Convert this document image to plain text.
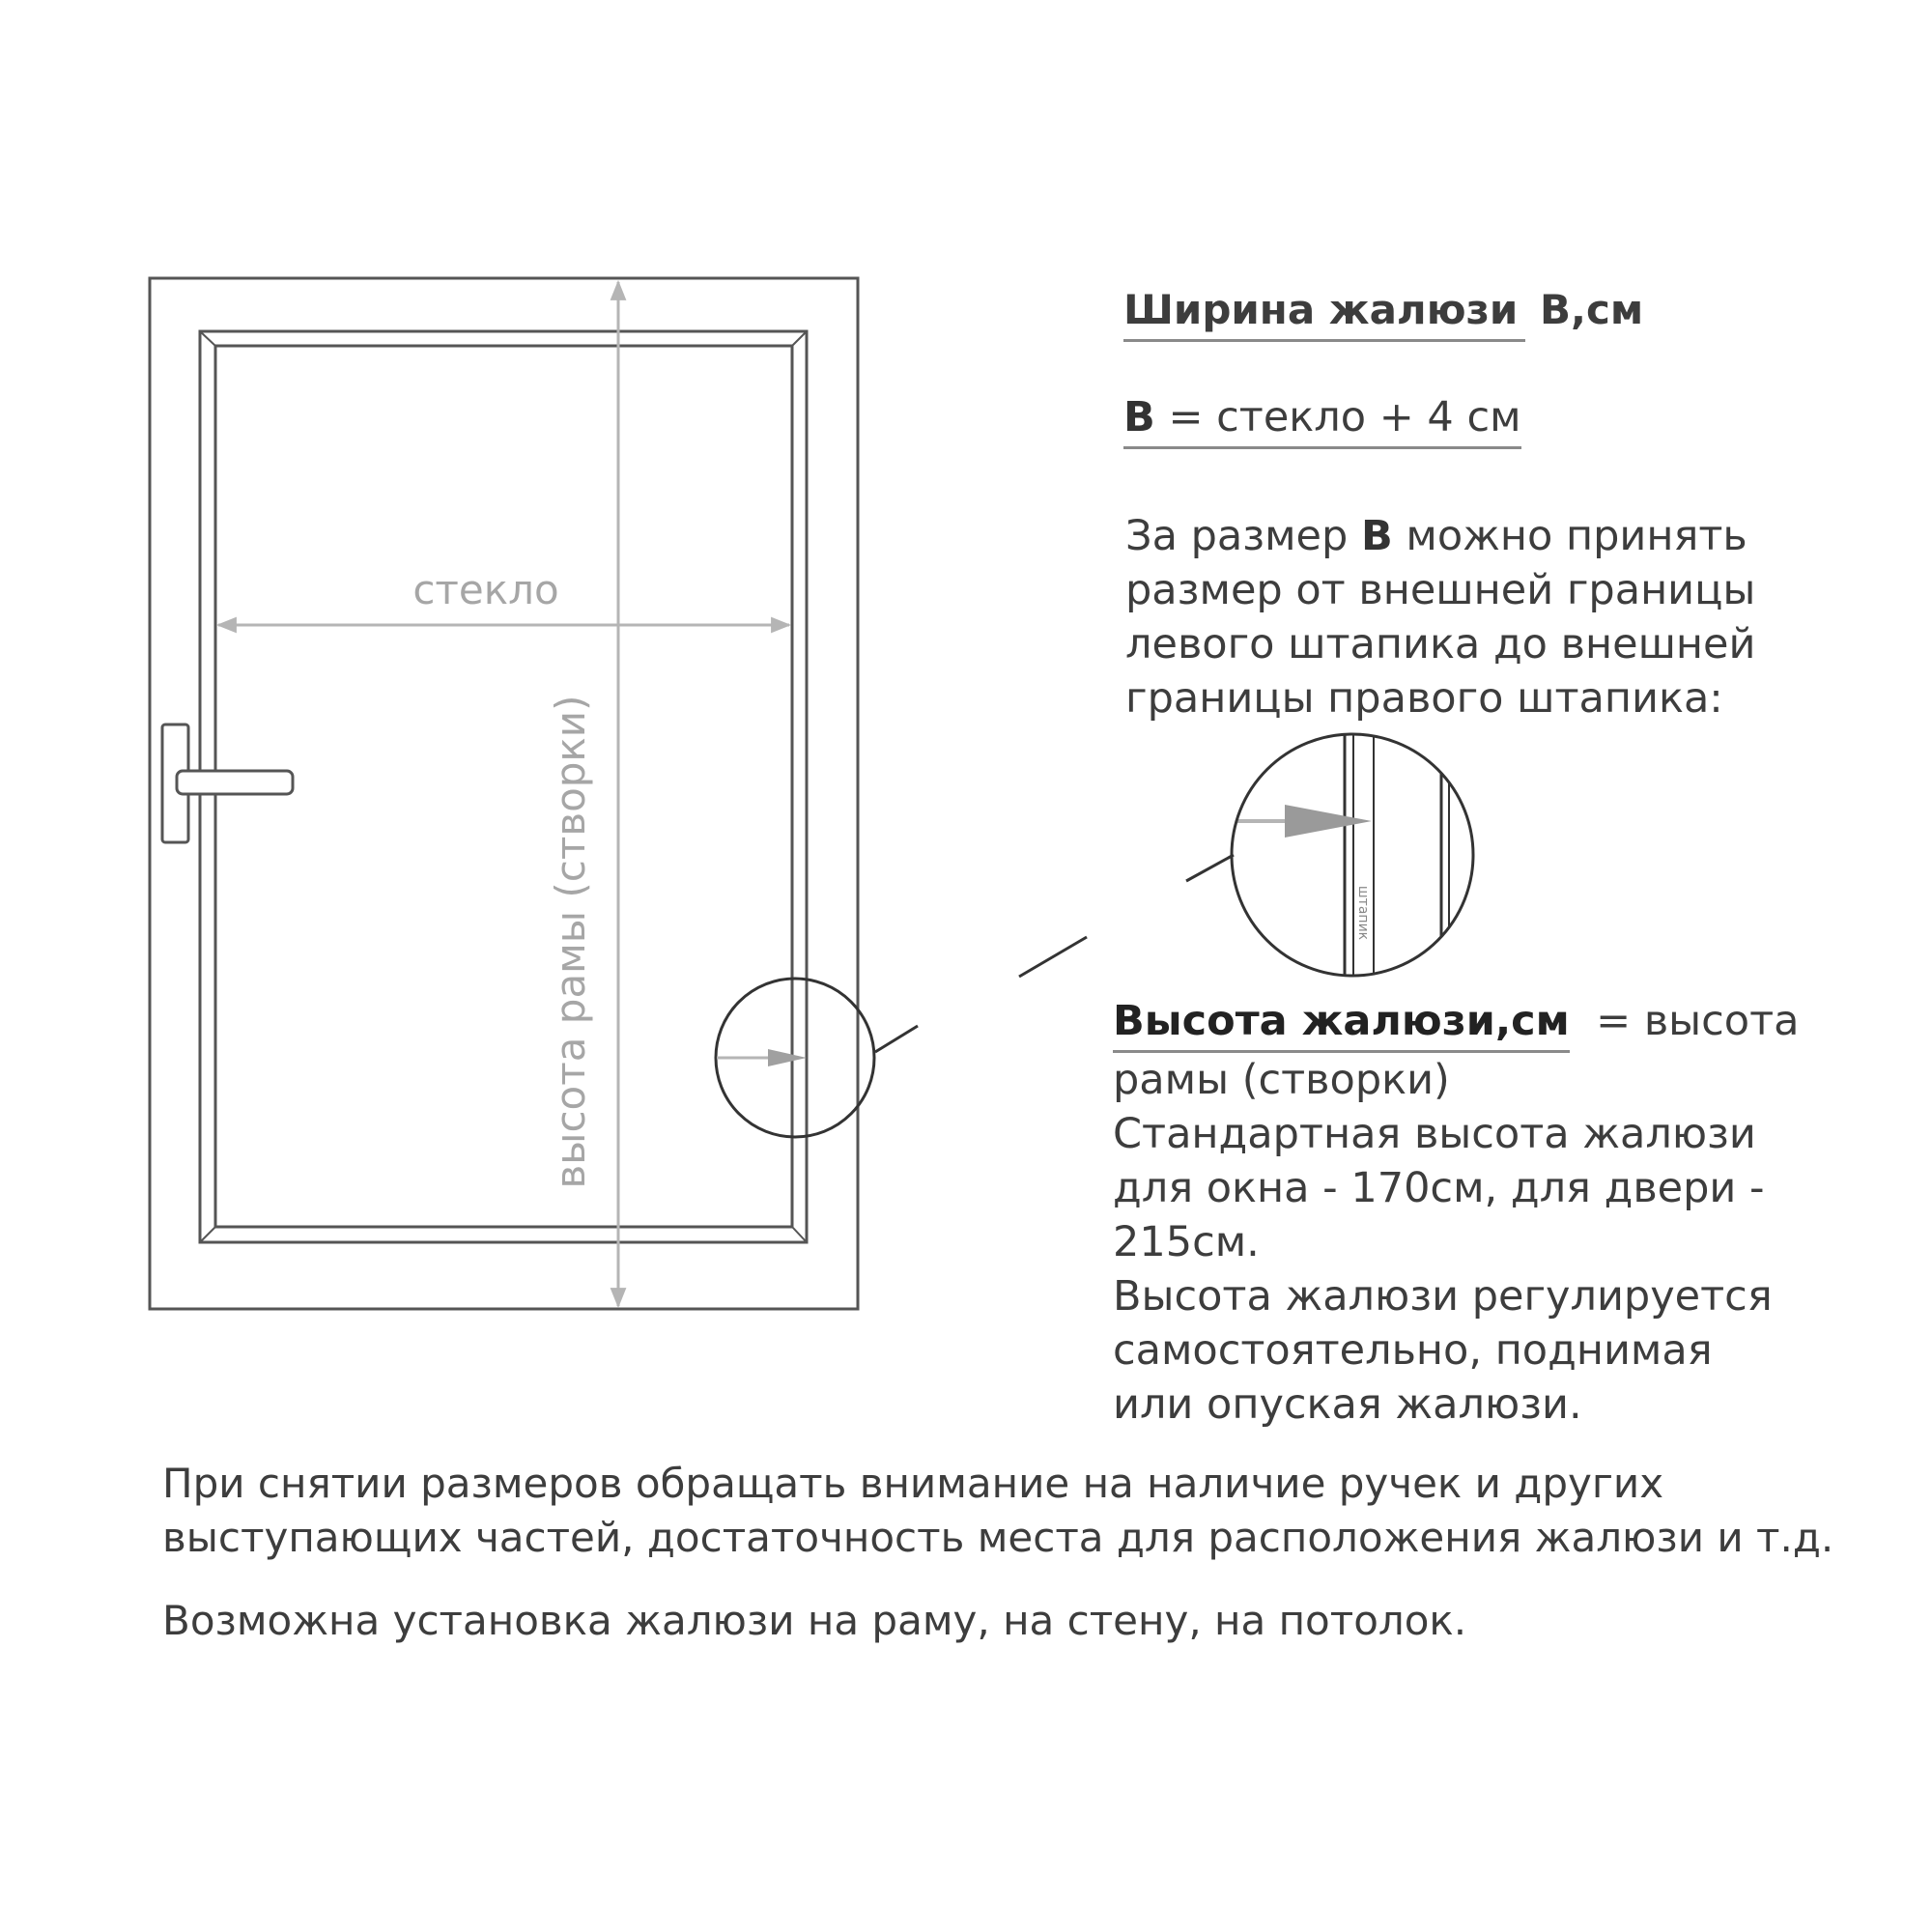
стекло
высота рамы (створки)	штапик
Ширина жалюзи В,см
В = стекло + 4 см
За размер В можно принять
размер от внешней границы
левого штапика до внешней
границы правого штапика:
Высота жалюзи,см  = высота
рамы (створки)
Стандартная высота жалюзи
для окна - 170см, для двери -
215см.
Высота жалюзи регулируется
самостоятельно, поднимая
или опуская жалюзи.
При снятии размеров обращать внимание на наличие ручек и других
выступающих частей, достаточность места для расположения жалюзи и т.д.
Возможна установка жалюзи на раму, на стену, на потолок.
